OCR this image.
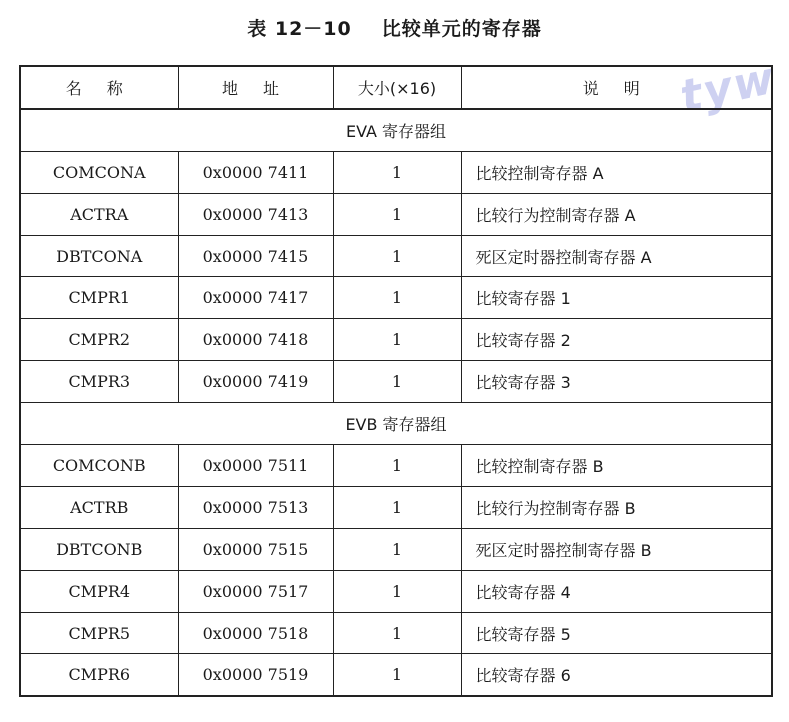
表 12－10 比较单元的寄存器
tyw
名 称	地 址	大小(×16)	说 明
EVA 寄存器组			
COMCONA	0x0000 7411	1	比较控制寄存器 A
ACTRA	0x0000 7413	1	比较行为控制寄存器 A
DBTCONA	0x0000 7415	1	死区定时器控制寄存器 A
CMPR1	0x0000 7417	1	比较寄存器 1
CMPR2	0x0000 7418	1	比较寄存器 2
CMPR3	0x0000 7419	1	比较寄存器 3
EVB 寄存器组			
COMCONB	0x0000 7511	1	比较控制寄存器 B
ACTRB	0x0000 7513	1	比较行为控制寄存器 B
DBTCONB	0x0000 7515	1	死区定时器控制寄存器 B
CMPR4	0x0000 7517	1	比较寄存器 4
CMPR5	0x0000 7518	1	比较寄存器 5
CMPR6	0x0000 7519	1	比较寄存器 6
